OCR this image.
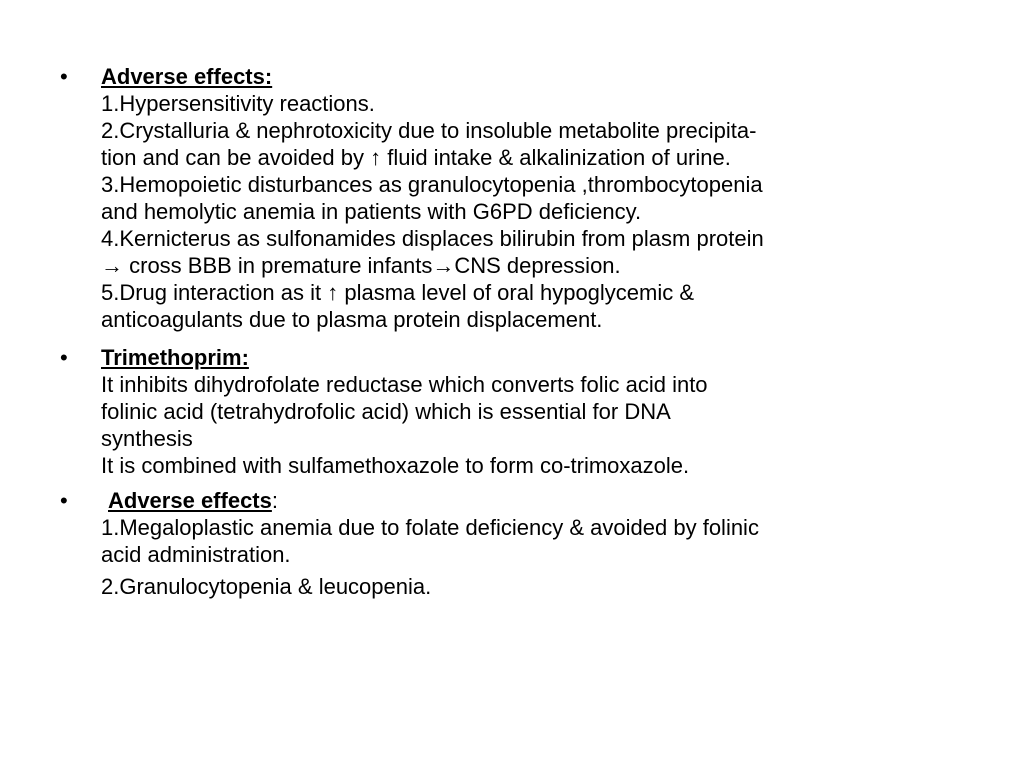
• Adverse effects:
1.Hypersensitivity reactions.
2.Crystalluria & nephrotoxicity due to insoluble metabolite precipita-
tion and can be avoided by ↑ fluid intake & alkalinization of urine.
3.Hemopoietic disturbances as granulocytopenia ,thrombocytopenia
and hemolytic anemia in patients with G6PD deficiency.
4.Kernicterus as sulfonamides displaces bilirubin from plasm protein
→ cross BBB in premature infants→CNS depression.
5.Drug interaction as it ↑ plasma level of oral hypoglycemic &
anticoagulants due to plasma protein displacement.
• Trimethoprim:
It inhibits dihydrofolate reductase which converts folic acid into
folinic acid (tetrahydrofolic acid) which is essential for DNA
synthesis
It is combined with sulfamethoxazole to form co-trimoxazole.
• Adverse effects:
1.Megaloplastic anemia due to folate deficiency & avoided by folinic
acid administration.
2.Granulocytopenia & leucopenia.
